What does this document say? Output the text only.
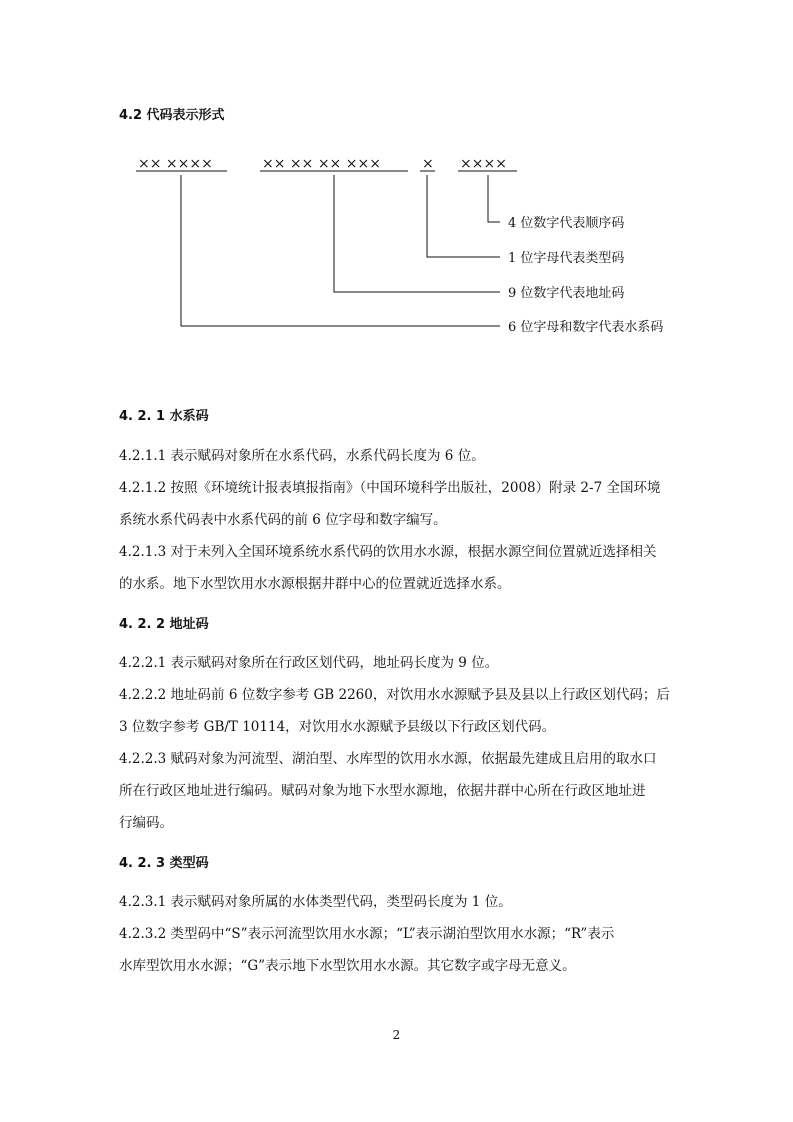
4.2 代码表示形式
×× ××××	×× ×× ×× ×××	× ××××
4 位数字代表顺序码
1 位字母代表类型码
9 位数字代表地址码
6 位字母和数字代表水系码
4. 2. 1 水系码
4.2.1.1 表示赋码对象所在水系代码，水系代码长度为 6 位。
4.2.1.2 按照《环境统计报表填报指南》（中国环境科学出版社，2008）附录 2-7 全国环境
系统水系代码表中水系代码的前 6 位字母和数字编写。
4.2.1.3 对于未列入全国环境系统水系代码的饮用水水源，根据水源空间位置就近选择相关
的水系。地下水型饮用水水源根据井群中心的位置就近选择水系。
4. 2. 2 地址码
4.2.2.1 表示赋码对象所在行政区划代码，地址码长度为 9 位。
4.2.2.2 地址码前 6 位数字参考 GB 2260，对饮用水水源赋予县及县以上行政区划代码；后
3 位数字参考 GB/T 10114，对饮用水水源赋予县级以下行政区划代码。
4.2.2.3 赋码对象为河流型、湖泊型、水库型的饮用水水源，依据最先建成且启用的取水口
所在行政区地址进行编码。赋码对象为地下水型水源地，依据井群中心所在行政区地址进
行编码。
4. 2. 3 类型码
4.2.3.1 表示赋码对象所属的水体类型代码，类型码长度为 1 位。
4.2.3.2 类型码中“S”表示河流型饮用水水源；“L”表示湖泊型饮用水水源；“R”表示
水库型饮用水水源；“G”表示地下水型饮用水水源。其它数字或字母无意义。
2
